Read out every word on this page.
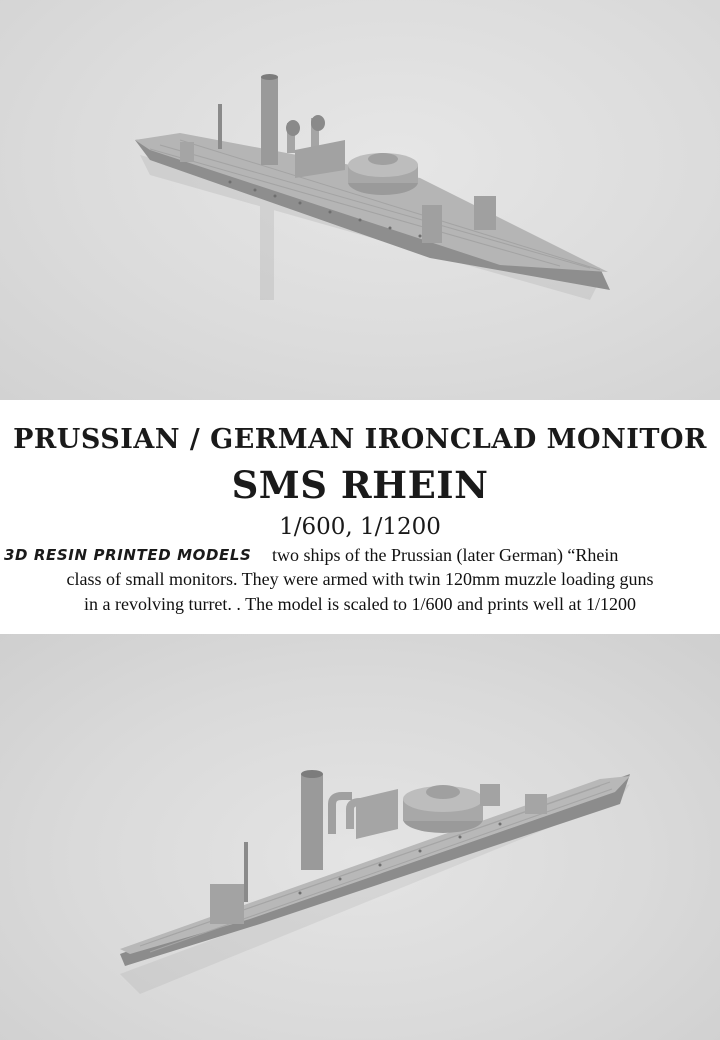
PRUSSIAN / GERMAN IRONCLAD MONITOR
SMS RHEIN
1/600, 1/1200
3D RESIN PRINTED MODELS two ships of the Prussian (later German) “Rhein
class of small monitors. They were armed with twin 120mm muzzle loading guns
in a revolving turret. . The model is scaled to 1/600 and prints well at 1/1200
